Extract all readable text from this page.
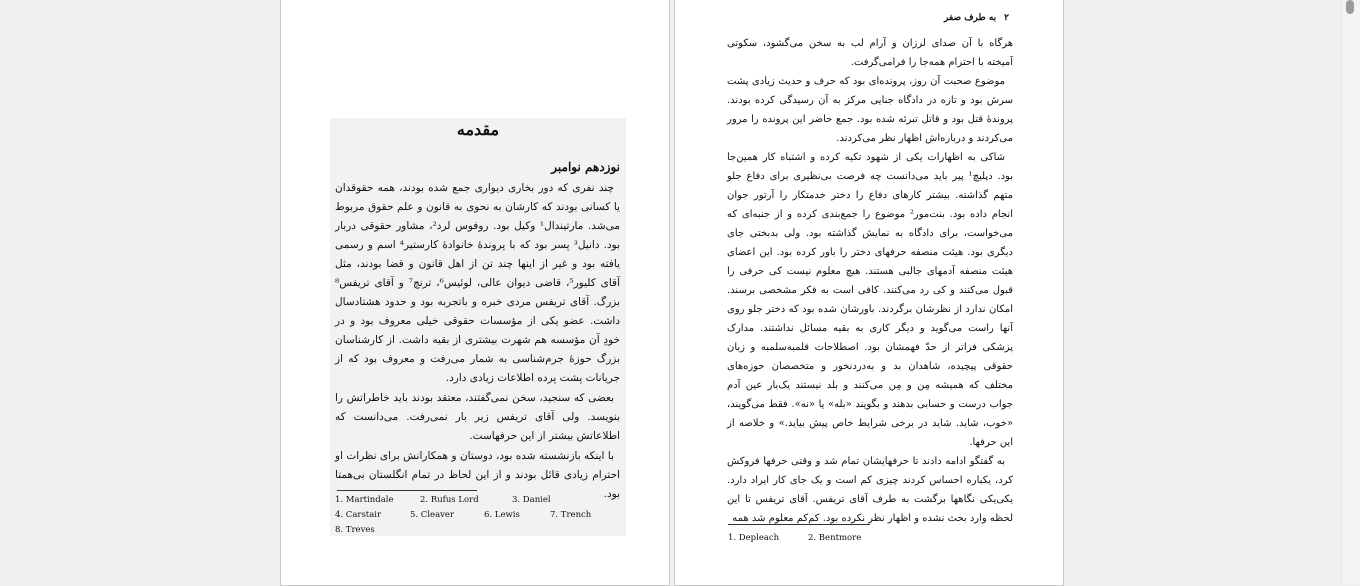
مقدمه
نوزدهم نوامبر

چند نفری که دور بخاری دیواری جمع شده بودند، همه حقوقدان یا کسانی بودند که کارشان به نحوی به قانون و علم حقوق مربوط می‌شد. مارتیندال¹ وکیل بود. روفوس لرد²، مشاور حقوقی دربار بود. دانیل³ پسر بود که با پروندهٔ خانوادهٔ کارستیر⁴ اسم و رسمی یافته بود و غیر از اینها چند تن از اهل قانون و قضا بودند، مثل آقای کلیور⁵، قاضی دیوان عالی، لوئیس⁶، ترنچ⁷ و آقای تریفس⁸ بزرگ. آقای تریفس مردی خبره و باتجربه بود و حدود هشتادسال داشت. عضو یکی از مؤسسات حقوقی خیلی معروف بود و در خودِ آن مؤسسه هم شهرت بیشتری از بقیه داشت. از کارشناسان بزرگ حوزهٔ جرم‌شناسی به شمار می‌رفت و معروف بود که از جریانات پشت پرده اطلاعات زیادی دارد.

بعضی که سنجید، سخن نمی‌گفتند، معتقد بودند باید خاطراتش را بنویسد. ولی آقای تریفس زیر بار نمی‌رفت. می‌دانست که اطلاعاتش بیشتر از این حرفهاست.

با اینکه بازنشسته شده بود، دوستان و همکارانش برای نظرات او احترام زیادی قائل بودند و از این لحاظ در تمام انگلستان بی‌همتا بود.

1. Martindale	2. Rufus Lord	3. Daniel
4. Carstair	5. Cleaver	6. Lewis	7. Trench
8. Treves
۲
به طرف صفر

هرگاه با آن صدای لرزان و آرام لب به سخن می‌گشود، سکوتی آمیخته با احترام همه‌جا را فرامی‌گرفت.

موضوع صحبت آن روز، پرونده‌ای بود که حرف و حدیث زیادی پشت سرش بود و تازه در دادگاه جنایی مرکز به آن رسیدگی کرده بودند. پروندهٔ قتل بود و قاتل تبرئه شده بود. جمع حاضر این پرونده را مرور می‌کردند و درباره‌اش اظهار نظر می‌کردند.

شاکی به اظهارات یکی از شهود تکیه کرده و اشتباه کار همین‌جا بود. دپلیچ¹ پیر باید می‌دانست چه فرصت بی‌نظیری برای دفاع جلو متهم گذاشته. بیشتر کارهای دفاع را دختر خدمتکار را آرتور جوان انجام داده بود. بنت‌مور² موضوع را جمع‌بندی کرده و از جنبه‌ای که می‌خواست، برای دادگاه به نمایش گذاشته بود. ولی بدبختی جای دیگری بود. هیئت منصفه حرفهای دختر را باور کرده بود. این اعضای هیئت منصفه آدمهای جالبی هستند. هیچ معلوم نیست کی حرفی را قبول می‌کنند و کی رد می‌کنند. کافی است به فکر مشخصی برسند. امکان ندارد از نظرشان برگردند. باورشان شده بود که دختر جلو روی آنها راست می‌گوید و دیگر کاری به بقیه مسائل نداشتند. مدارک پزشکی فراتر از حدّ فهمشان بود. اصطلاحات قلمبه‌سلمبه و زبان حقوقی پیچیده، شاهدان بد و به‌دردنخور و متخصصان حوزه‌های مختلف که همیشه مِن و مِن می‌کنند و بلد نیستند یک‌بار عین آدم جواب درست و حسابی بدهند و بگویند «بله» یا «نه». فقط می‌گویند، «خوب، شاید. شاید در برخی شرایط خاص پیش بیاید.» و خلاصه از این حرفها.

به گفتگو ادامه دادند تا حرفهایشان تمام شد و وقتی حرفها فروکش کرد، یکباره احساس کردند چیزی کم است و یک جای کار ایراد دارد. یکی‌یکی نگاهها برگشت به طرف آقای تریفس. آقای تریفس تا این لحظه وارد بحث نشده و اظهار نظر نکرده بود. کم‌کم معلوم شد همه

1. Depleach	2. Bentmore
